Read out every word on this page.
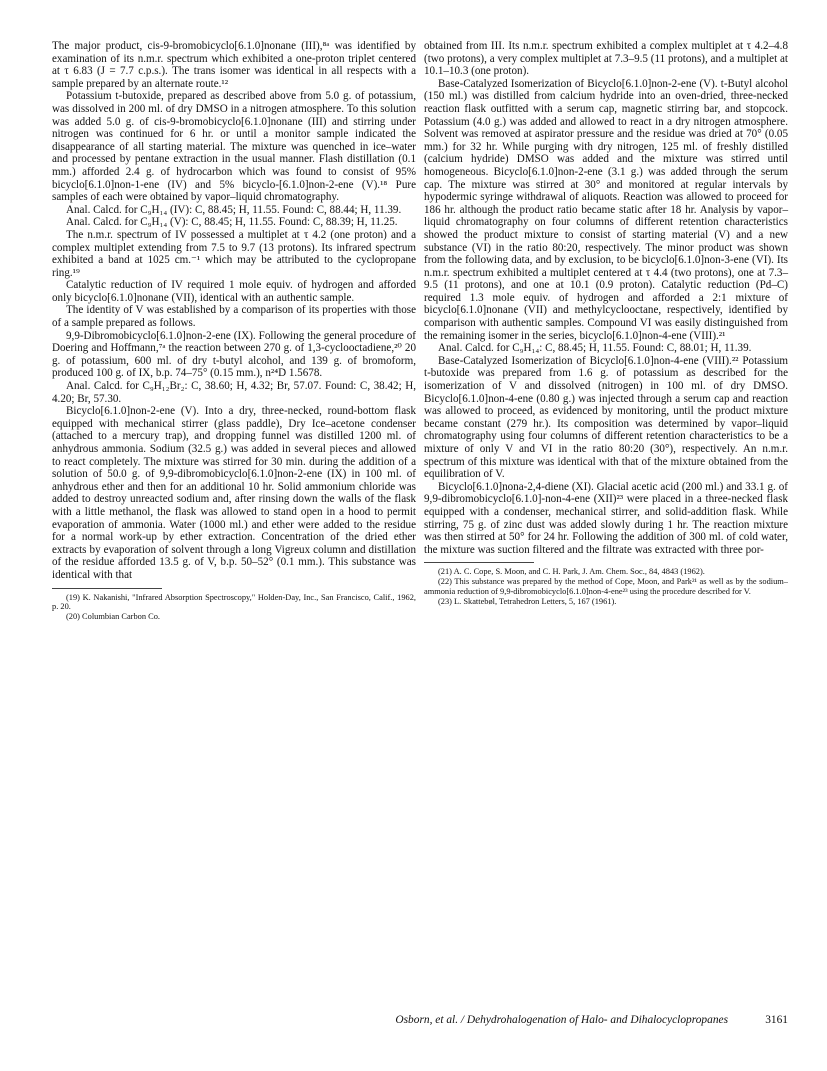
The major product, cis-9-bromobicyclo[6.1.0]nonane (III),⁸ᵃ was identified by examination of its n.m.r. spectrum which exhibited a one-proton triplet centered at τ 6.83 (J = 7.7 c.p.s.). The trans isomer was identical in all respects with a sample prepared by an alternate route.¹²

Potassium t-butoxide, prepared as described above from 5.0 g. of potassium, was dissolved in 200 ml. of dry DMSO in a nitrogen atmosphere. To this solution was added 5.0 g. of cis-9-bromobicyclo[6.1.0]nonane (III) and stirring under nitrogen was continued for 6 hr. or until a monitor sample indicated the disappearance of all starting material. The mixture was quenched in ice–water and processed by pentane extraction in the usual manner. Flash distillation (0.1 mm.) afforded 2.4 g. of hydrocarbon which was found to consist of 95% bicyclo[6.1.0]non-1-ene (IV) and 5% bicyclo-[6.1.0]non-2-ene (V).¹⁸ Pure samples of each were obtained by vapor–liquid chromatography.

Anal. Calcd. for C₉H₁₄ (IV): C, 88.45; H, 11.55. Found: C, 88.44; H, 11.39.

Anal. Calcd. for C₉H₁₄ (V): C, 88.45; H, 11.55. Found: C, 88.39; H, 11.25.

The n.m.r. spectrum of IV possessed a multiplet at τ 4.2 (one proton) and a complex multiplet extending from 7.5 to 9.7 (13 protons). Its infrared spectrum exhibited a band at 1025 cm.⁻¹ which may be attributed to the cyclopropane ring.¹⁹

Catalytic reduction of IV required 1 mole equiv. of hydrogen and afforded only bicyclo[6.1.0]nonane (VII), identical with an authentic sample.

The identity of V was established by a comparison of its properties with those of a sample prepared as follows.

9,9-Dibromobicyclo[6.1.0]non-2-ene (IX). Following the general procedure of Doering and Hoffmann,⁷ᵃ the reaction between 270 g. of 1,3-cyclooctadiene,²⁰ 20 g. of potassium, 600 ml. of dry t-butyl alcohol, and 139 g. of bromoform, produced 100 g. of IX, b.p. 74–75° (0.15 mm.), n²⁴D 1.5678.

Anal. Calcd. for C₉H₁₂Br₂: C, 38.60; H, 4.32; Br, 57.07. Found: C, 38.42; H, 4.20; Br, 57.30.

Bicyclo[6.1.0]non-2-ene (V). Into a dry, three-necked, round-bottom flask equipped with mechanical stirrer (glass paddle), Dry Ice–acetone condenser (attached to a mercury trap), and dropping funnel was distilled 1200 ml. of anhydrous ammonia. Sodium (32.5 g.) was added in several pieces and allowed to react completely. The mixture was stirred for 30 min. during the addition of a solution of 50.0 g. of 9,9-dibromobicyclo[6.1.0]non-2-ene (IX) in 100 ml. of anhydrous ether and then for an additional 10 hr. Solid ammonium chloride was added to destroy unreacted sodium and, after rinsing down the walls of the flask with a little methanol, the flask was allowed to stand open in a hood to permit evaporation of ammonia. Water (1000 ml.) and ether were added to the residue for a normal work-up by ether extraction. Concentration of the dried ether extracts by evaporation of solvent through a long Vigreux column and distillation of the residue afforded 13.5 g. of V, b.p. 50–52° (0.1 mm.). This substance was identical with that

(19) K. Nakanishi, "Infrared Absorption Spectroscopy," Holden-Day, Inc., San Francisco, Calif., 1962, p. 20.

(20) Columbian Carbon Co.

obtained from III. Its n.m.r. spectrum exhibited a complex multiplet at τ 4.2–4.8 (two protons), a very complex multiplet at 7.3–9.5 (11 protons), and a multiplet at 10.1–10.3 (one proton).

Base-Catalyzed Isomerization of Bicyclo[6.1.0]non-2-ene (V). t-Butyl alcohol (150 ml.) was distilled from calcium hydride into an oven-dried, three-necked reaction flask outfitted with a serum cap, magnetic stirring bar, and stopcock. Potassium (4.0 g.) was added and allowed to react in a dry nitrogen atmosphere. Solvent was removed at aspirator pressure and the residue was dried at 70° (0.05 mm.) for 32 hr. While purging with dry nitrogen, 125 ml. of freshly distilled (calcium hydride) DMSO was added and the mixture was stirred until homogeneous. Bicyclo[6.1.0]non-2-ene (3.1 g.) was added through the serum cap. The mixture was stirred at 30° and monitored at regular intervals by hypodermic syringe withdrawal of aliquots. Reaction was allowed to proceed for 186 hr. although the product ratio became static after 18 hr. Analysis by vapor–liquid chromatography on four columns of different retention characteristics showed the product mixture to consist of starting material (V) and a new substance (VI) in the ratio 80:20, respectively. The minor product was shown from the following data, and by exclusion, to be bicyclo[6.1.0]non-3-ene (VI). Its n.m.r. spectrum exhibited a multiplet centered at τ 4.4 (two protons), one at 7.3–9.5 (11 protons), and one at 10.1 (0.9 proton). Catalytic reduction (Pd–C) required 1.3 mole equiv. of hydrogen and afforded a 2:1 mixture of bicyclo[6.1.0]nonane (VII) and methylcyclooctane, respectively, identified by comparison with authentic samples. Compound VI was easily distinguished from the remaining isomer in the series, bicyclo[6.1.0]non-4-ene (VIII).²¹

Anal. Calcd. for C₉H₁₄: C, 88.45; H, 11.55. Found: C, 88.01; H, 11.39.

Base-Catalyzed Isomerization of Bicyclo[6.1.0]non-4-ene (VIII).²² Potassium t-butoxide was prepared from 1.6 g. of potassium as described for the isomerization of V and dissolved (nitrogen) in 100 ml. of dry DMSO. Bicyclo[6.1.0]non-4-ene (0.80 g.) was injected through a serum cap and reaction was allowed to proceed, as evidenced by monitoring, until the product mixture became constant (279 hr.). Its composition was determined by vapor–liquid chromatography using four columns of different retention characteristics to be a mixture of only V and VI in the ratio 80:20 (30°), respectively. An n.m.r. spectrum of this mixture was identical with that of the mixture obtained from the equilibration of V.

Bicyclo[6.1.0]nona-2,4-diene (XI). Glacial acetic acid (200 ml.) and 33.1 g. of 9,9-dibromobicyclo[6.1.0]-non-4-ene (XII)²³ were placed in a three-necked flask equipped with a condenser, mechanical stirrer, and solid-addition flask. While stirring, 75 g. of zinc dust was added slowly during 1 hr. The reaction mixture was then stirred at 50° for 24 hr. Following the addition of 300 ml. of cold water, the mixture was suction filtered and the filtrate was extracted with three por-

(21) A. C. Cope, S. Moon, and C. H. Park, J. Am. Chem. Soc., 84, 4843 (1962).

(22) This substance was prepared by the method of Cope, Moon, and Park²¹ as well as by the sodium–ammonia reduction of 9,9-dibromobicyclo[6.1.0]non-4-ene²³ using the procedure described for V.

(23) L. Skattebøl, Tetrahedron Letters, 5, 167 (1961).

Osborn, et al. / Dehydrohalogenation of Halo- and Dihalocyclopropanes	3161
